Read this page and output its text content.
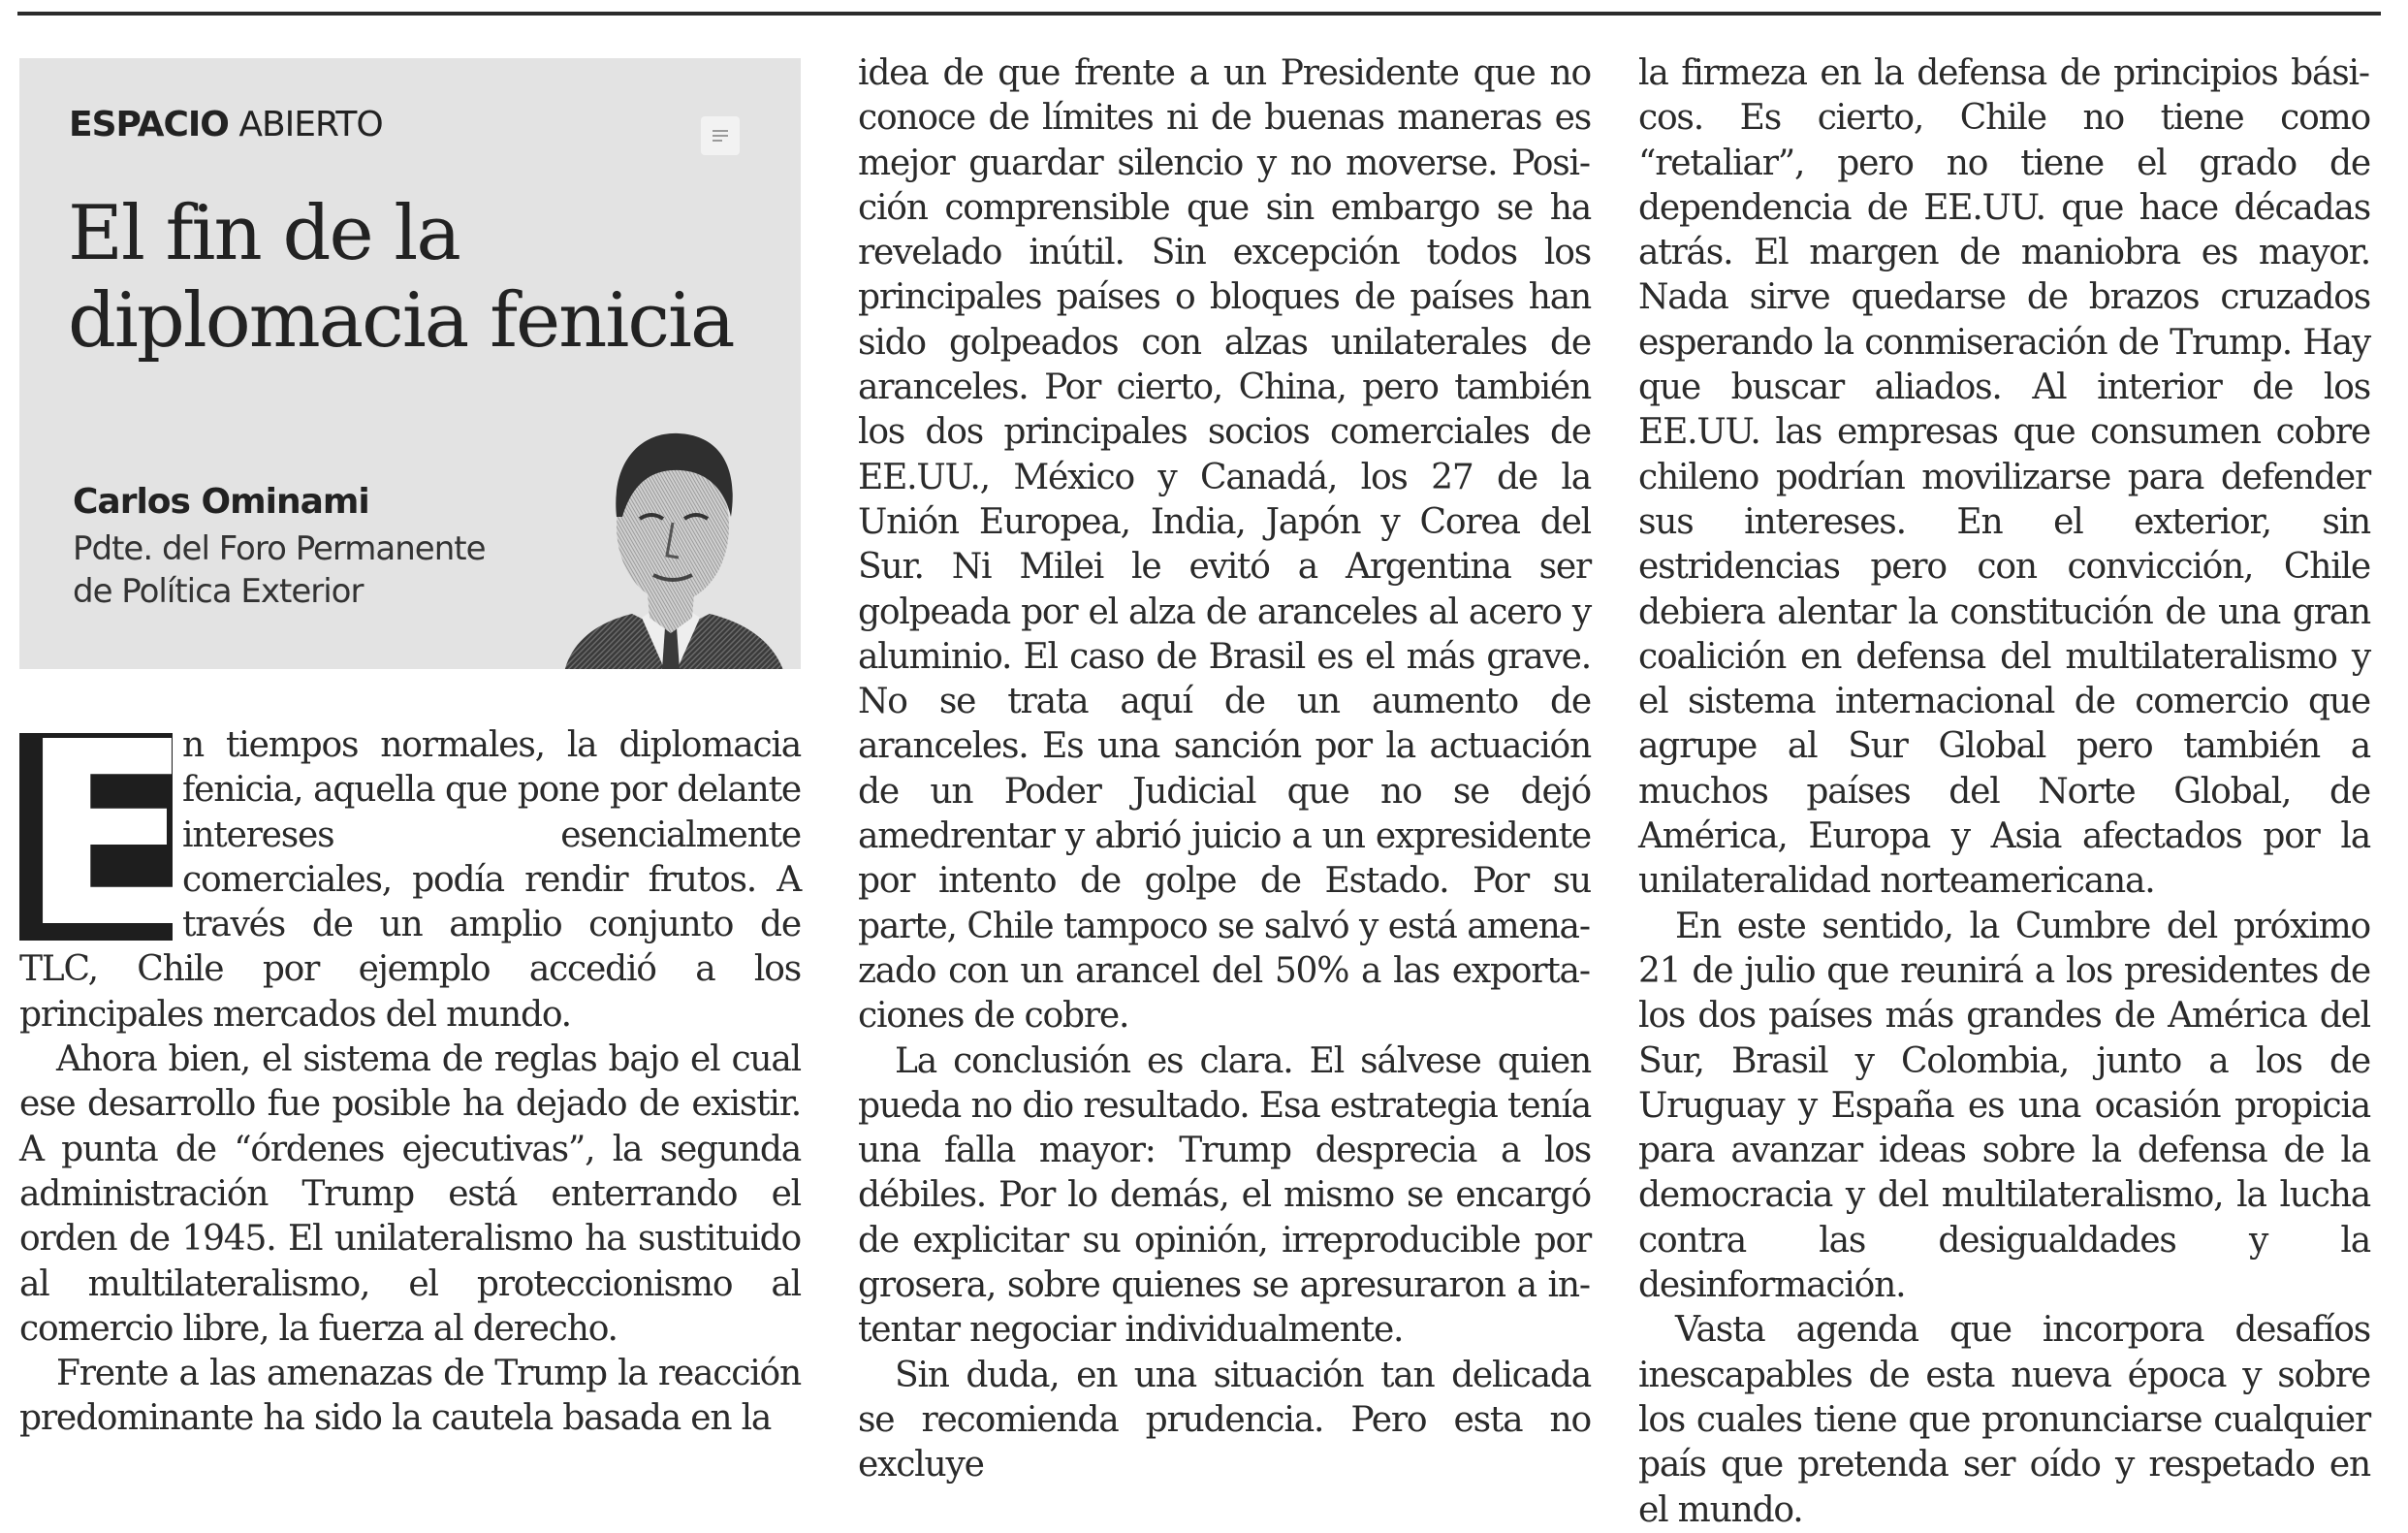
ESPACIO ABIERTO
El fin de la
diplomacia fenicia
Carlos Ominami
Pdte. del Foro Permanente
de Política Exterior

E
n tiempos normales, la diplomacia fenicia, aquella que pone por delante intereses esencialmente comerciales, podía rendir frutos. A través de un amplio conjunto de TLC, Chile por ejemplo accedió a los principales mercados del mundo.

Ahora bien, el sistema de reglas bajo el cual ese desarrollo fue posible ha dejado de existir. A punta de “órdenes ejecutivas”, la segunda administración Trump está enterrando el orden de 1945. El unilateralismo ha sustituido al multilateralismo, el proteccionismo al comercio libre, la fuerza al derecho.

Frente a las amenazas de Trump la reacción predominante ha sido la cautela basada en la

idea de que frente a un Presidente que no conoce de límites ni de buenas maneras es mejor guardar silencio y no moverse. Posición comprensible que sin embargo se ha revelado inútil. Sin excepción todos los principales países o bloques de países han sido golpeados con alzas unilaterales de aranceles. Por cierto, China, pero también los dos principales socios comerciales de EE.UU., México y Canadá, los 27 de la Unión Europea, India, Japón y Corea del Sur. Ni Milei le evitó a Argentina ser golpeada por el alza de aranceles al acero y aluminio. El caso de Brasil es el más grave. No se trata aquí de un aumento de aranceles. Es una sanción por la actuación de un Poder Judicial que no se dejó amedrentar y abrió juicio a un expresidente por intento de golpe de Estado. Por su parte, Chile tampoco se salvó y está amenazado con un arancel del 50% a las exportaciones de cobre.

La conclusión es clara. El sálvese quien pueda no dio resultado. Esa estrategia tenía una falla mayor: Trump desprecia a los débiles. Por lo demás, el mismo se encargó de explicitar su opinión, irreproducible por grosera, sobre quienes se apresuraron a intentar negociar individualmente.

Sin duda, en una situación tan delicada se recomienda prudencia. Pero esta no excluye

la firmeza en la defensa de principios básicos. Es cierto, Chile no tiene como “retaliar”, pero no tiene el grado de dependencia de EE.UU. que hace décadas atrás. El margen de maniobra es mayor. Nada sirve quedarse de brazos cruzados esperando la conmiseración de Trump. Hay que buscar aliados. Al interior de los EE.UU. las empresas que consumen cobre chileno podrían movilizarse para defender sus intereses. En el exterior, sin estridencias pero con convicción, Chile debiera alentar la constitución de una gran coalición en defensa del multilateralismo y el sistema internacional de comercio que agrupe al Sur Global pero también a muchos países del Norte Global, de América, Europa y Asia afectados por la unilateralidad norteamericana.

En este sentido, la Cumbre del próximo 21 de julio que reunirá a los presidentes de los dos países más grandes de América del Sur, Brasil y Colombia, junto a los de Uruguay y España es una ocasión propicia para avanzar ideas sobre la defensa de la democracia y del multilateralismo, la lucha contra las desigualdades y la desinformación.

Vasta agenda que incorpora desafíos inescapables de esta nueva época y sobre los cuales tiene que pronunciarse cualquier país que pretenda ser oído y respetado en el mundo.
